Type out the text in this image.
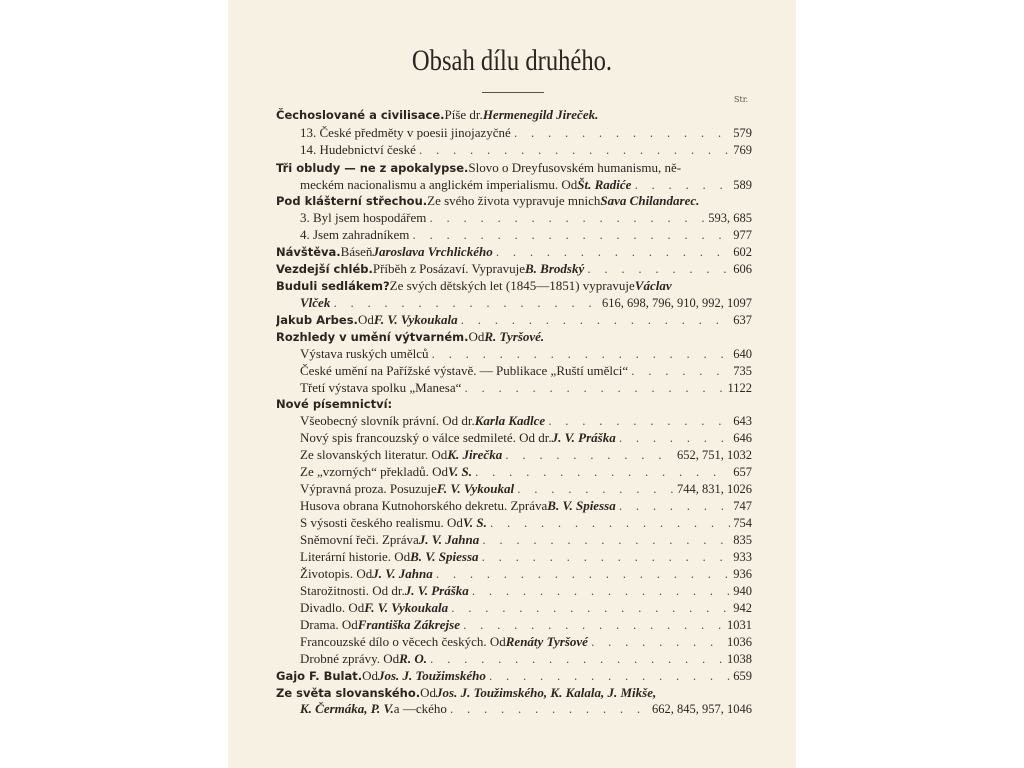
Obsah dílu druhého.
Str.
Čechoslované a civilisace. Píše dr. Hermenegild Jireček.
13. České předměty v poesii jinojazyčné . . .	579
14. Hudebnictví české . . .	769
Tři obludy — ne z apokalypse. Slovo o Dreyfusovském humanismu, ně-
meckém nacionalismu a anglickém imperialismu. Od Št. Radiće . . .	589
Pod klášterní střechou. Ze svého života vypravuje mnich Sava Chilandarec.
3. Byl jsem hospodářem . . .	593, 685
4. Jsem zahradníkem . . .	977
Návštěva. Báseň Jaroslava Vrchlického . . .	602
Vezdejší chléb. Příběh z Posázaví. Vypravuje B. Brodský . . .	606
Buduli sedlákem? Ze svých dětských let (1845—1851) vypravuje Václav
Vlček . . .	616, 698, 796, 910, 992, 1097
Jakub Arbes. Od F. V. Vykoukala . . .	637
Rozhledy v umění výtvarném. Od R. Tyršové.
Výstava ruských umělců . . .	640
České umění na Pařížské výstavě. — Publikace „Ruští umělci“ . . .	735
Třetí výstava spolku „Manesa“ . . .	1122
Nové písemnictví:
Všeobecný slovník právní. Od dr. Karla Kadlce . . .	643
Nový spis francouzský o válce sedmileté. Od dr. J. V. Práška . . .	646
Ze slovanských literatur. Od K. Jirečka . . .	652, 751, 1032
Ze „vzorných“ překladů. Od V. S. . . .	657
Výpravná proza. Posuzuje F. V. Vykoukal . . .	744, 831, 1026
Husova obrana Kutnohorského dekretu. Zpráva B. V. Spiessa . . .	747
S výsosti českého realismu. Od V. S. . . .	754
Sněmovní řeči. Zpráva J. V. Jahna . . .	835
Literární historie. Od B. V. Spiessa . . .	933
Životopis. Od J. V. Jahna . . .	936
Starožitnosti. Od dr. J. V. Práška . . .	940
Divadlo. Od F. V. Vykoukala . . .	942
Drama. Od Františka Zákrejse . . .	1031
Francouzské dílo o věcech českých. Od Renáty Tyršové . . .	1036
Drobné zprávy. Od R. O. . . .	1038
Gajo F. Bulat. Od Jos. J. Toužimského . . .	659
Ze světa slovanského. Od Jos. J. Toužimského, K. Kalala, J. Mikše,
K. Čermáka, P. V. a —ckého . . .	662, 845, 957, 1046
